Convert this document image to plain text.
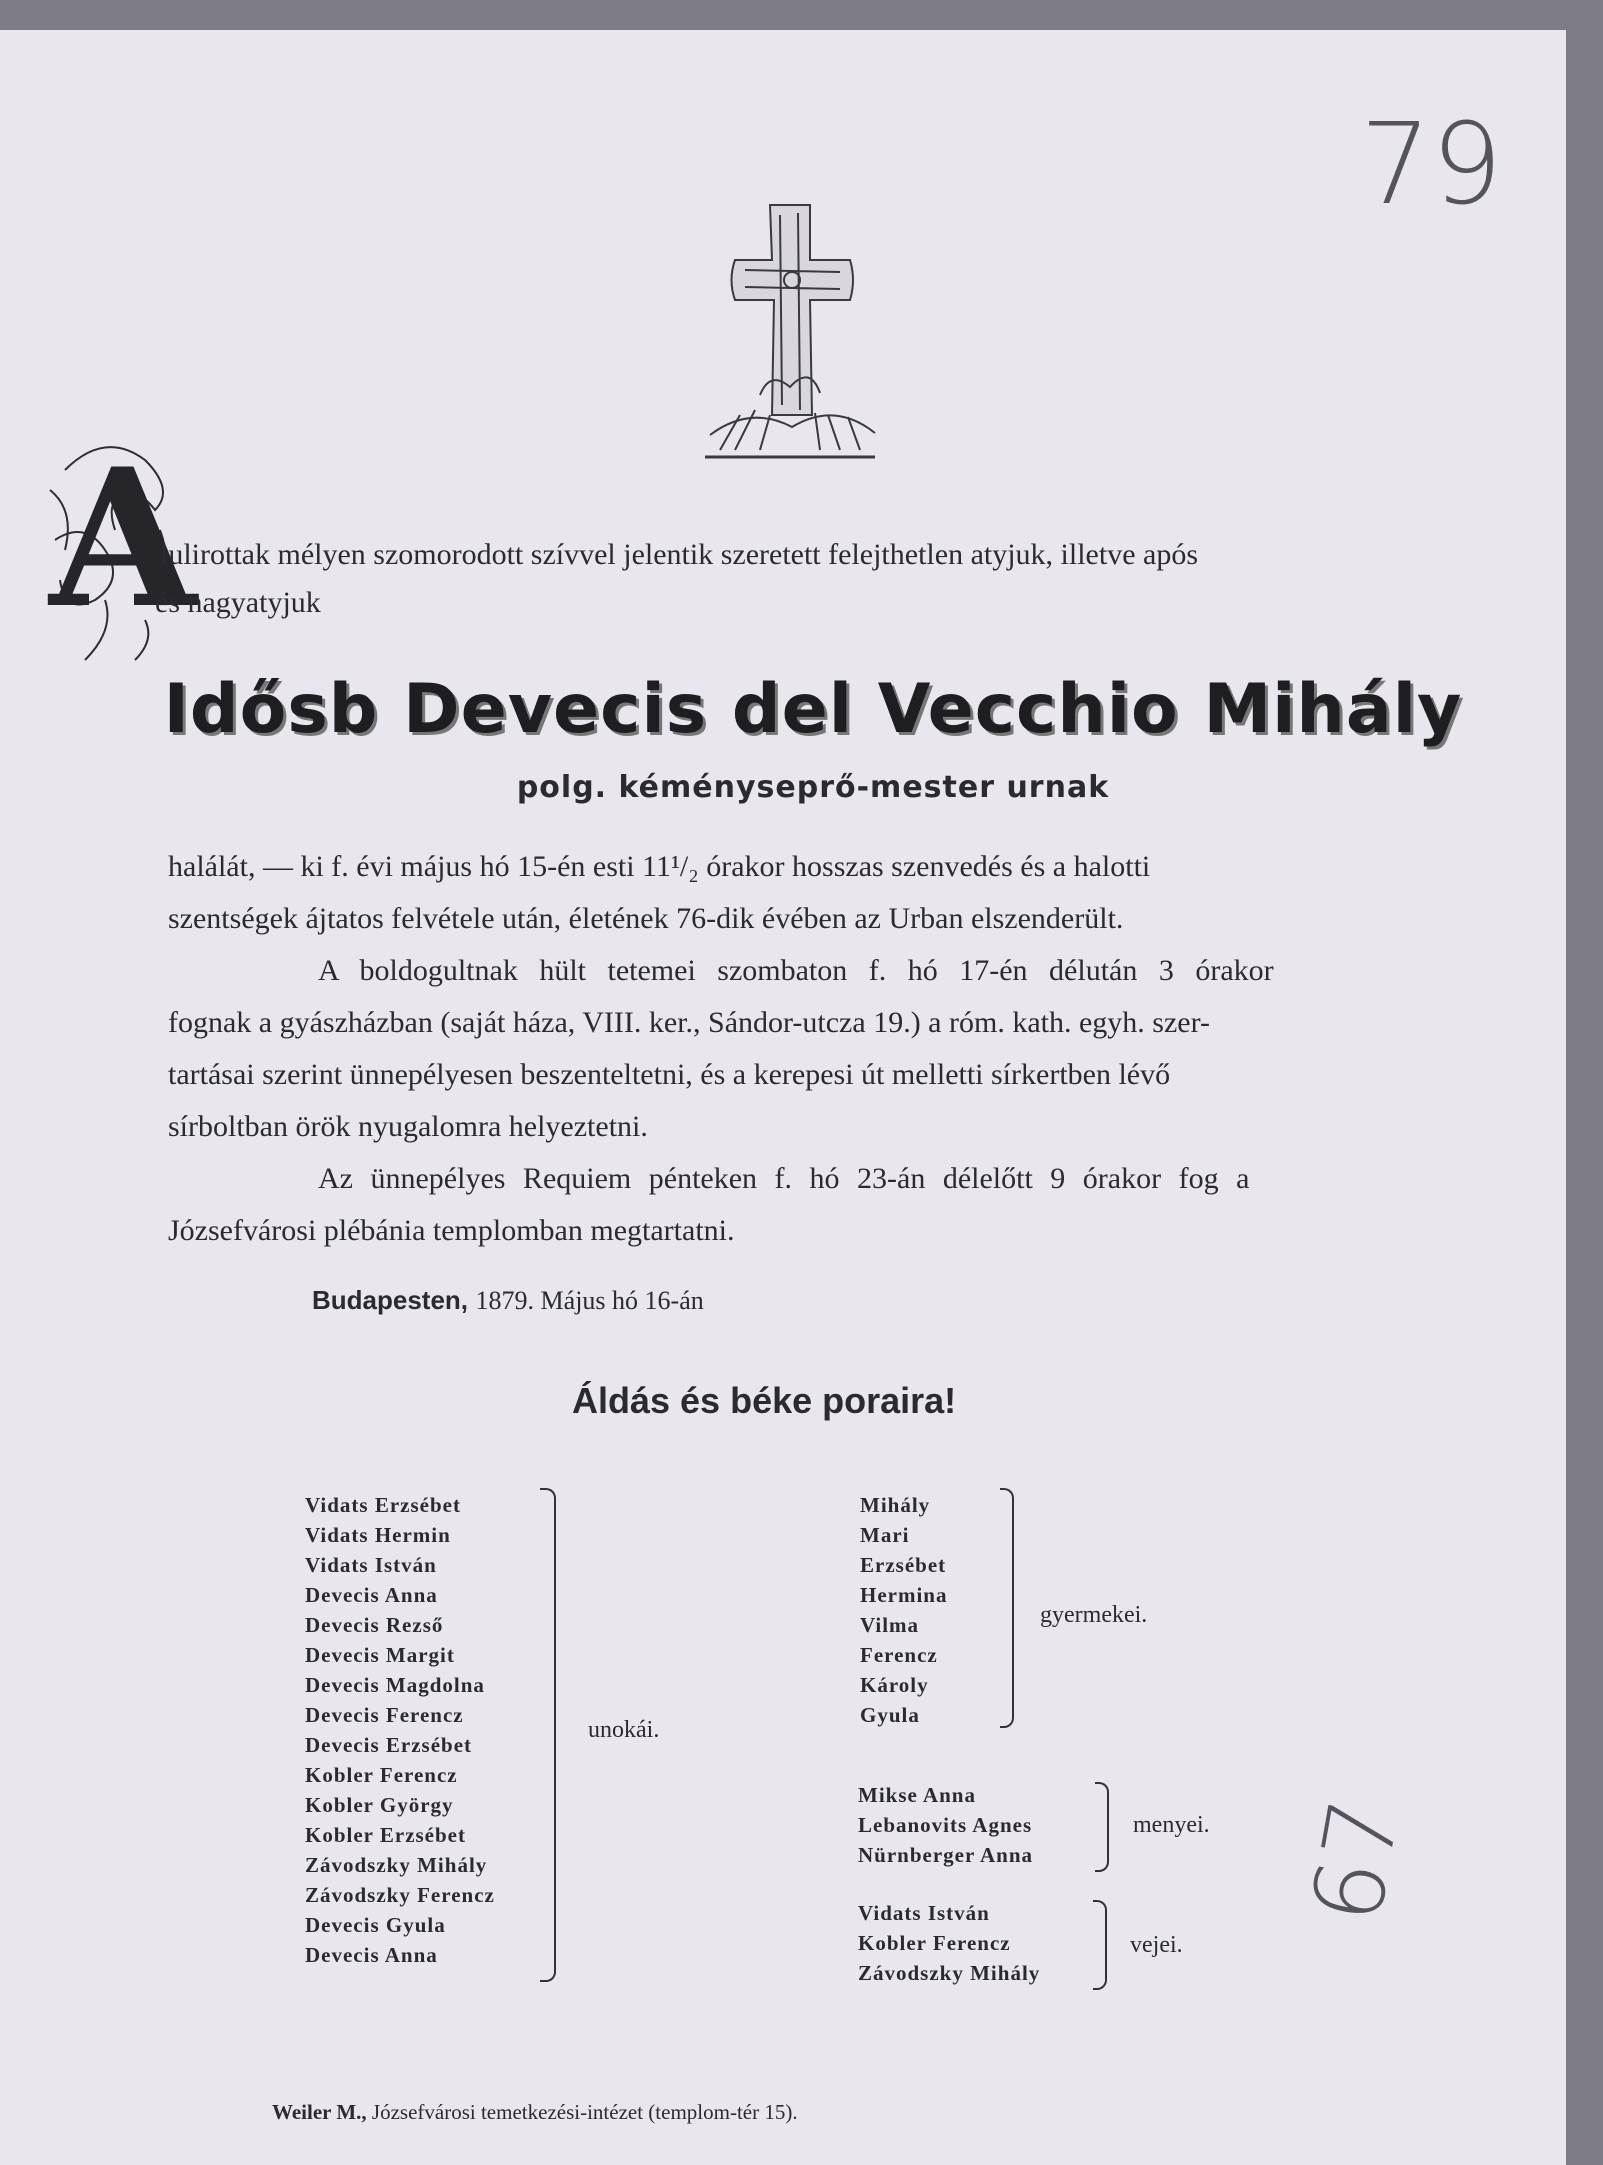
79
A
lulirottak mélyen szomorodott szívvel jelentik szeretett felejthetlen atyjuk, illetve após
és nagyatyjuk
Idősb Devecis del Vecchio Mihály
polg. kéményseprő-mester urnak
halálát, — ki f. évi május hó 15-én esti 11¹/₂ órakor hosszas szenvedés és a halotti
szentségek ájtatos felvétele után, életének 76-dik évében az Urban elszenderült.
A boldogultnak hült tetemei szombaton f. hó 17-én délután 3 órakor
fognak a gyászházban (saját háza, VIII. ker., Sándor-utcza 19.) a róm. kath. egyh. szer-
tartásai szerint ünnepélyesen beszenteltetni, és a kerepesi út melletti sírkertben lévő
sírboltban örök nyugalomra helyeztetni.
Az ünnepélyes Requiem pénteken f. hó 23-án délelőtt 9 órakor fog a
Józsefvárosi plébánia templomban megtartatni.
Budapesten, 1879. Május hó 16-án
Áldás és béke poraira!
Vidats Erzsébet
Vidats Hermin
Vidats István
Devecis Anna
Devecis Rezső
Devecis Margit
Devecis Magdolna
Devecis Ferencz
Devecis Erzsébet
Kobler Ferencz
Kobler György
Kobler Erzsébet
Závodszky Mihály
Závodszky Ferencz
Devecis Gyula
Devecis Anna
unokái.
Mihály
Mari
Erzsébet
Hermina
Vilma
Ferencz
Károly
Gyula
gyermekei.
Mikse Anna
Lebanovits Agnes
Nürnberger Anna
menyei.
Vidats István
Kobler Ferencz
Závodszky Mihály
vejei.
67
Weiler M., Józsefvárosi temetkezési-intézet (templom-tér 15).
